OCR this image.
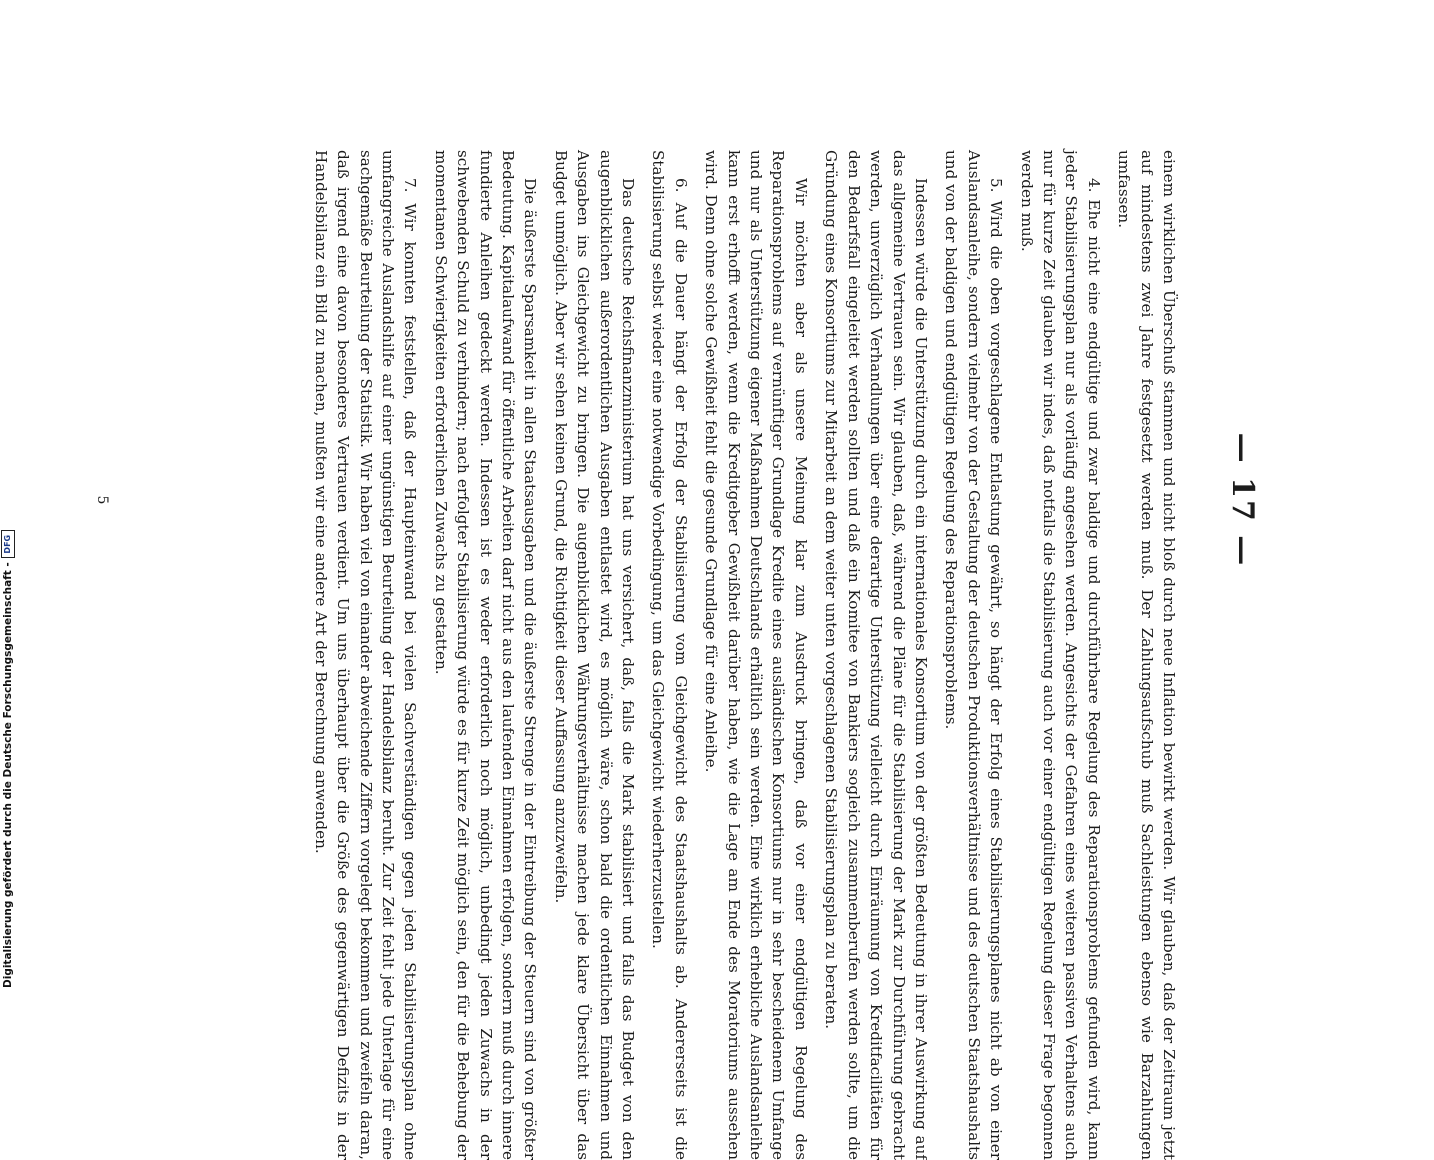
— 17 —

einem wirklichen Überschuß stammen und nicht bloß durch neue Inflation bewirkt werden. Wir glauben, daß der Zeitraum jetzt auf mindestens zwei Jahre festgesetzt werden muß. Der Zahlungsaufschub muß Sachleistungen ebenso wie Barzahlungen umfassen.

4. Ehe nicht eine endgültige und zwar baldige und durchführbare Regelung des Reparationsproblems gefunden wird, kann jeder Stabilisierungsplan nur als vorläufig angesehen werden. Angesichts der Gefahren eines weiteren passiven Verhaltens auch nur für kurze Zeit glauben wir indes, daß notfalls die Stabilisierung auch vor einer endgültigen Regelung dieser Frage begonnen werden muß.

5. Wird die oben vorgeschlagene Entlastung gewährt, so hängt der Erfolg eines Stabilisierungsplanes nicht ab von einer Auslandsanleihe, sondern vielmehr von der Gestaltung der deutschen Produktionsverhältnisse und des deutschen Staatshaushalts und von der baldigen und endgültigen Regelung des Reparationsproblems.

Indessen würde die Unterstützung durch ein internationales Konsortium von der größten Bedeutung in ihrer Auswirkung auf das allgemeine Vertrauen sein. Wir glauben, daß, während die Pläne für die Stabilisierung der Mark zur Durchführung gebracht werden, unverzüglich Verhandlungen über eine derartige Unterstützung vielleicht durch Einräumung von Kreditfacilitäten für den Bedarfsfall eingeleitet werden sollten und daß ein Komitee von Bankiers sogleich zusammenberufen werden sollte, um die Gründung eines Konsortiums zur Mitarbeit an dem weiter unten vorgeschlagenen Stabilisierungsplan zu beraten.

Wir möchten aber als unsere Meinung klar zum Ausdruck bringen, daß vor einer endgültigen Regelung des Reparationsproblems auf vernünftiger Grundlage Kredite eines ausländischen Konsortiums nur in sehr bescheidenem Umfange und nur als Unterstützung eigener Maßnahmen Deutschlands erhältlich sein werden. Eine wirklich erhebliche Auslandsanleihe kann erst erhofft werden, wenn die Kreditgeber Gewißheit darüber haben, wie die Lage am Ende des Moratoriums aussehen wird. Denn ohne solche Gewißheit fehlt die gesunde Grundlage für eine Anleihe.

6. Auf die Dauer hängt der Erfolg der Stabilisierung vom Gleichgewicht des Staatshaushalts ab. Andererseits ist die Stabilisierung selbst wieder eine notwendige Vorbedingung, um das Gleichgewicht wiederherzustellen.

Das deutsche Reichsfinanzministerium hat uns versichert, daß, falls die Mark stabilisiert und falls das Budget von den augenblicklichen außerordentlichen Ausgaben entlastet wird, es möglich wäre, schon bald die ordentlichen Einnahmen und Ausgaben ins Gleichgewicht zu bringen. Die augenblicklichen Währungsverhältnisse machen jede klare Übersicht über das Budget unmöglich. Aber wir sehen keinen Grund, die Richtigkeit dieser Auffassung anzuzweifeln.

Die äußerste Sparsamkeit in allen Staatsausgaben und die äußerste Strenge in der Eintreibung der Steuern sind von größter Bedeutung. Kapitalaufwand für öffentliche Arbeiten darf nicht aus den laufenden Einnahmen erfolgen, sondern muß durch innere fundierte Anleihen gedeckt werden. Indessen ist es weder erforderlich noch möglich, unbedingt jeden Zuwachs in der schwebenden Schuld zu verhindern; nach erfolgter Stabilisierung würde es für kurze Zeit möglich sein, den für die Behebung der momentanen Schwierigkeiten erforderlichen Zuwachs zu gestatten.

7. Wir konnten feststellen, daß der Haupteinwand bei vielen Sachverständigen gegen jeden Stabilisierungsplan ohne umfangreiche Auslandshilfe auf einer ungünstigen Beurteilung der Handelsbilanz beruht. Zur Zeit fehlt jede Unterlage für eine sachgemäße Beurteilung der Statistik. Wir haben viel von einander abweichende Ziffern vorgelegt bekommen und zweifeln daran, daß irgend eine davon besonderes Vertrauen verdient. Um uns überhaupt über die Größe des gegenwärtigen Defizits in der Handelsbilanz ein Bild zu machen, mußten wir eine andere Art der Berechnung anwenden.

5
Digitalisierung gefördert durch die Deutsche Forschungsgemeinschaft -
DFG
